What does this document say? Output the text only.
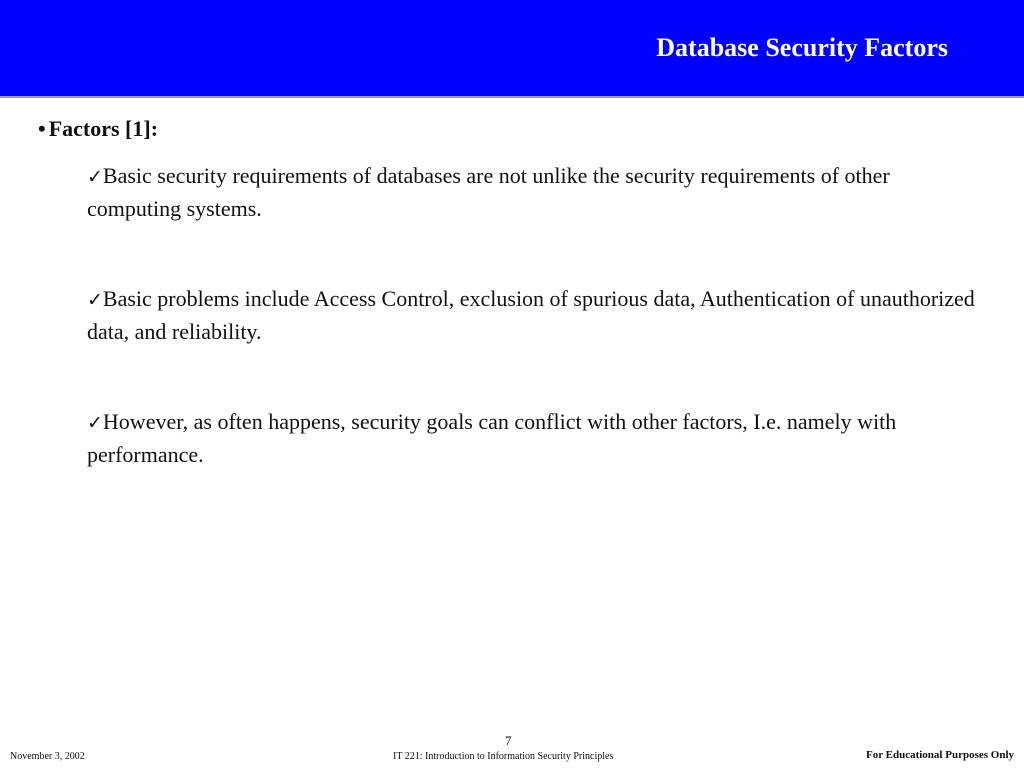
Database Security Factors
• Factors [1]:
✓Basic security requirements of databases are not unlike the security requirements of other computing systems.
✓Basic problems include Access Control, exclusion of spurious data, Authentication of unauthorized data, and reliability.
✓However, as often happens, security goals can conflict with other factors, I.e. namely with performance.
7
November 3, 2002	IT 221: Introduction to Information Security Principles	For Educational Purposes Only
